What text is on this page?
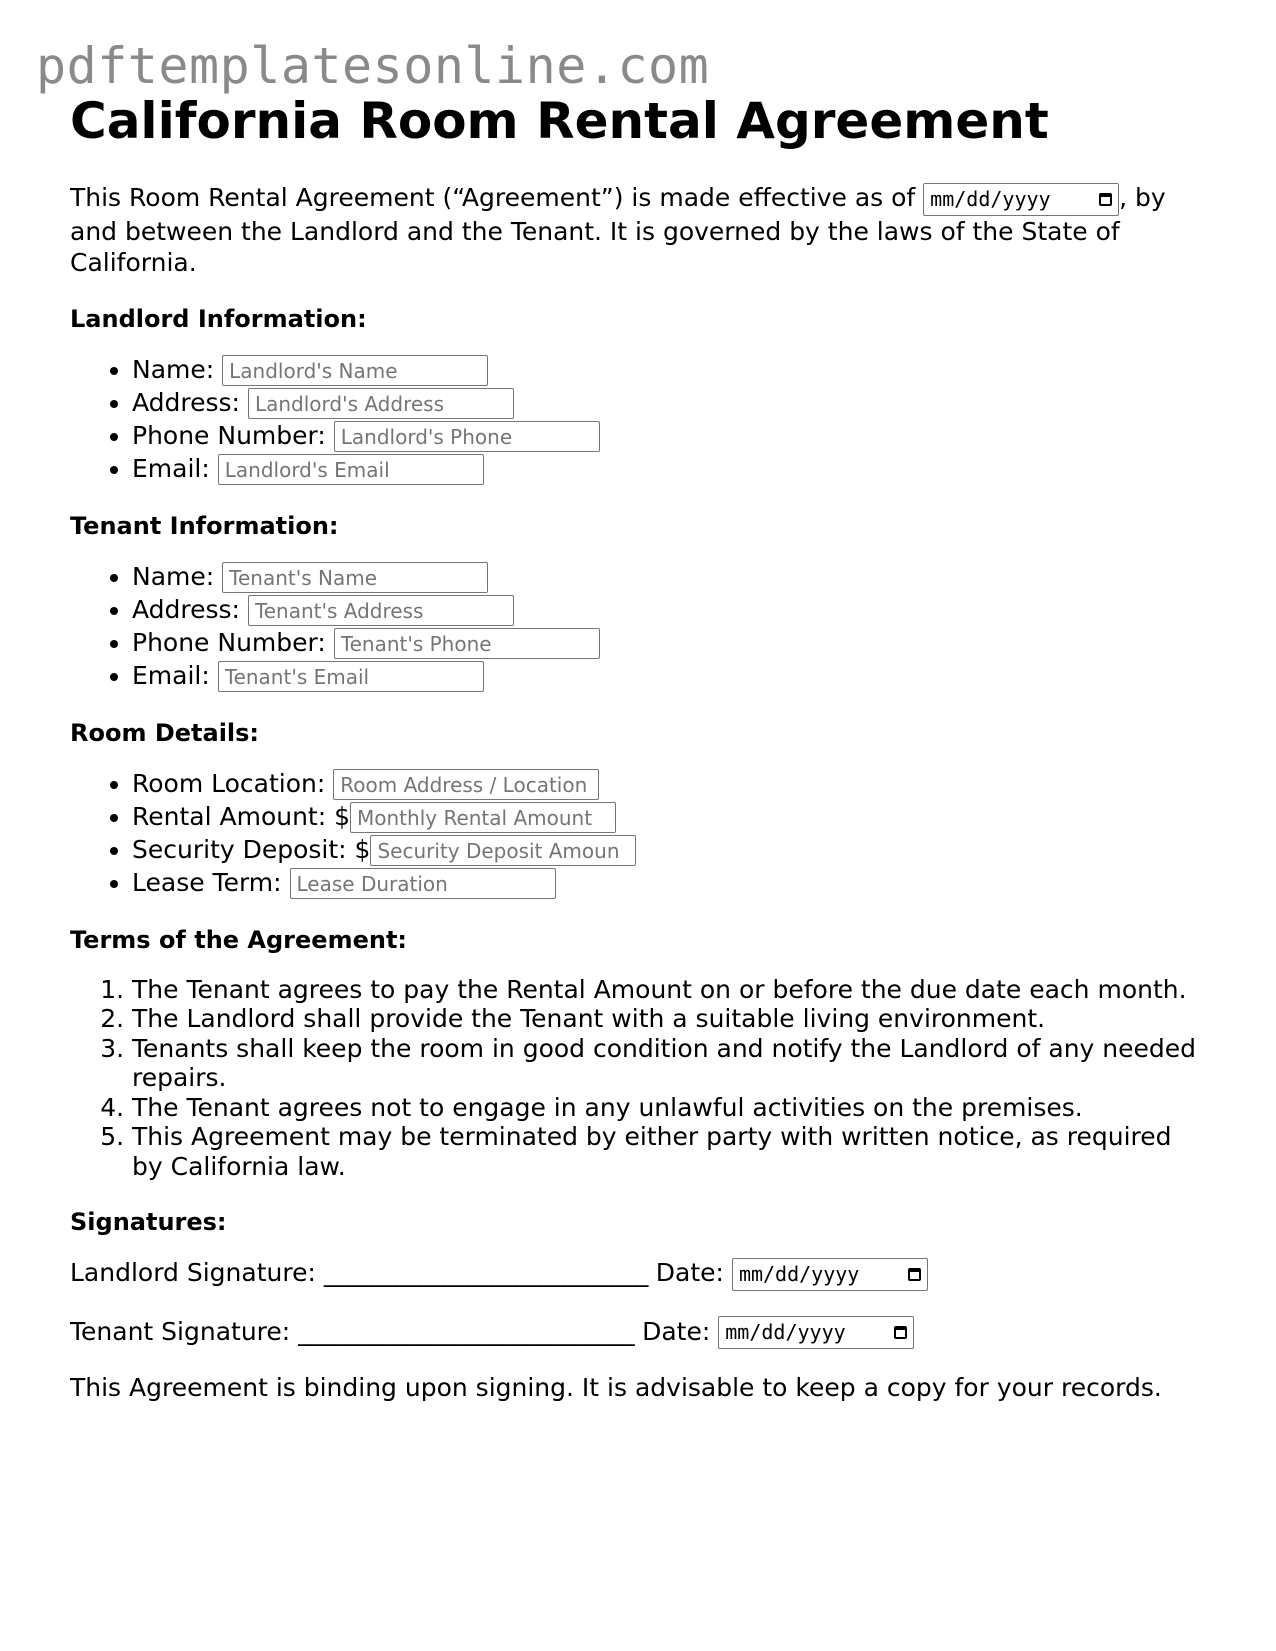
pdftemplatesonline.com
California Room Rental Agreement

This Room Rental Agreement (“Agreement”) is made effective as of mm/dd/yyyy	, by and between the Landlord and the Tenant. It is governed by the laws of the State of California.

Landlord Information:
• Name: Landlord's Name
• Address: Landlord's Address
• Phone Number: Landlord's Phone
• Email: Landlord's Email
Tenant Information:
• Name: Tenant's Name
• Address: Tenant's Address
• Phone Number: Tenant's Phone
• Email: Tenant's Email
Room Details:
• Room Location: Room Address / Location
• Rental Amount: $Monthly Rental Amount
• Security Deposit: $Security Deposit Amoun
• Lease Term: Lease Duration
Terms of the Agreement:
1. The Tenant agrees to pay the Rental Amount on or before the due date each month.
2. The Landlord shall provide the Tenant with a suitable living environment.
3. Tenants shall keep the room in good condition and notify the Landlord of any needed repairs.
4. The Tenant agrees not to engage in any unlawful activities on the premises.
5. This Agreement may be terminated by either party with written notice, as required by California law.
Signatures:

Landlord Signature: ___________________________ Date: mm/dd/yyyy

Tenant Signature: ____________________________ Date: mm/dd/yyyy

This Agreement is binding upon signing. It is advisable to keep a copy for your records.
